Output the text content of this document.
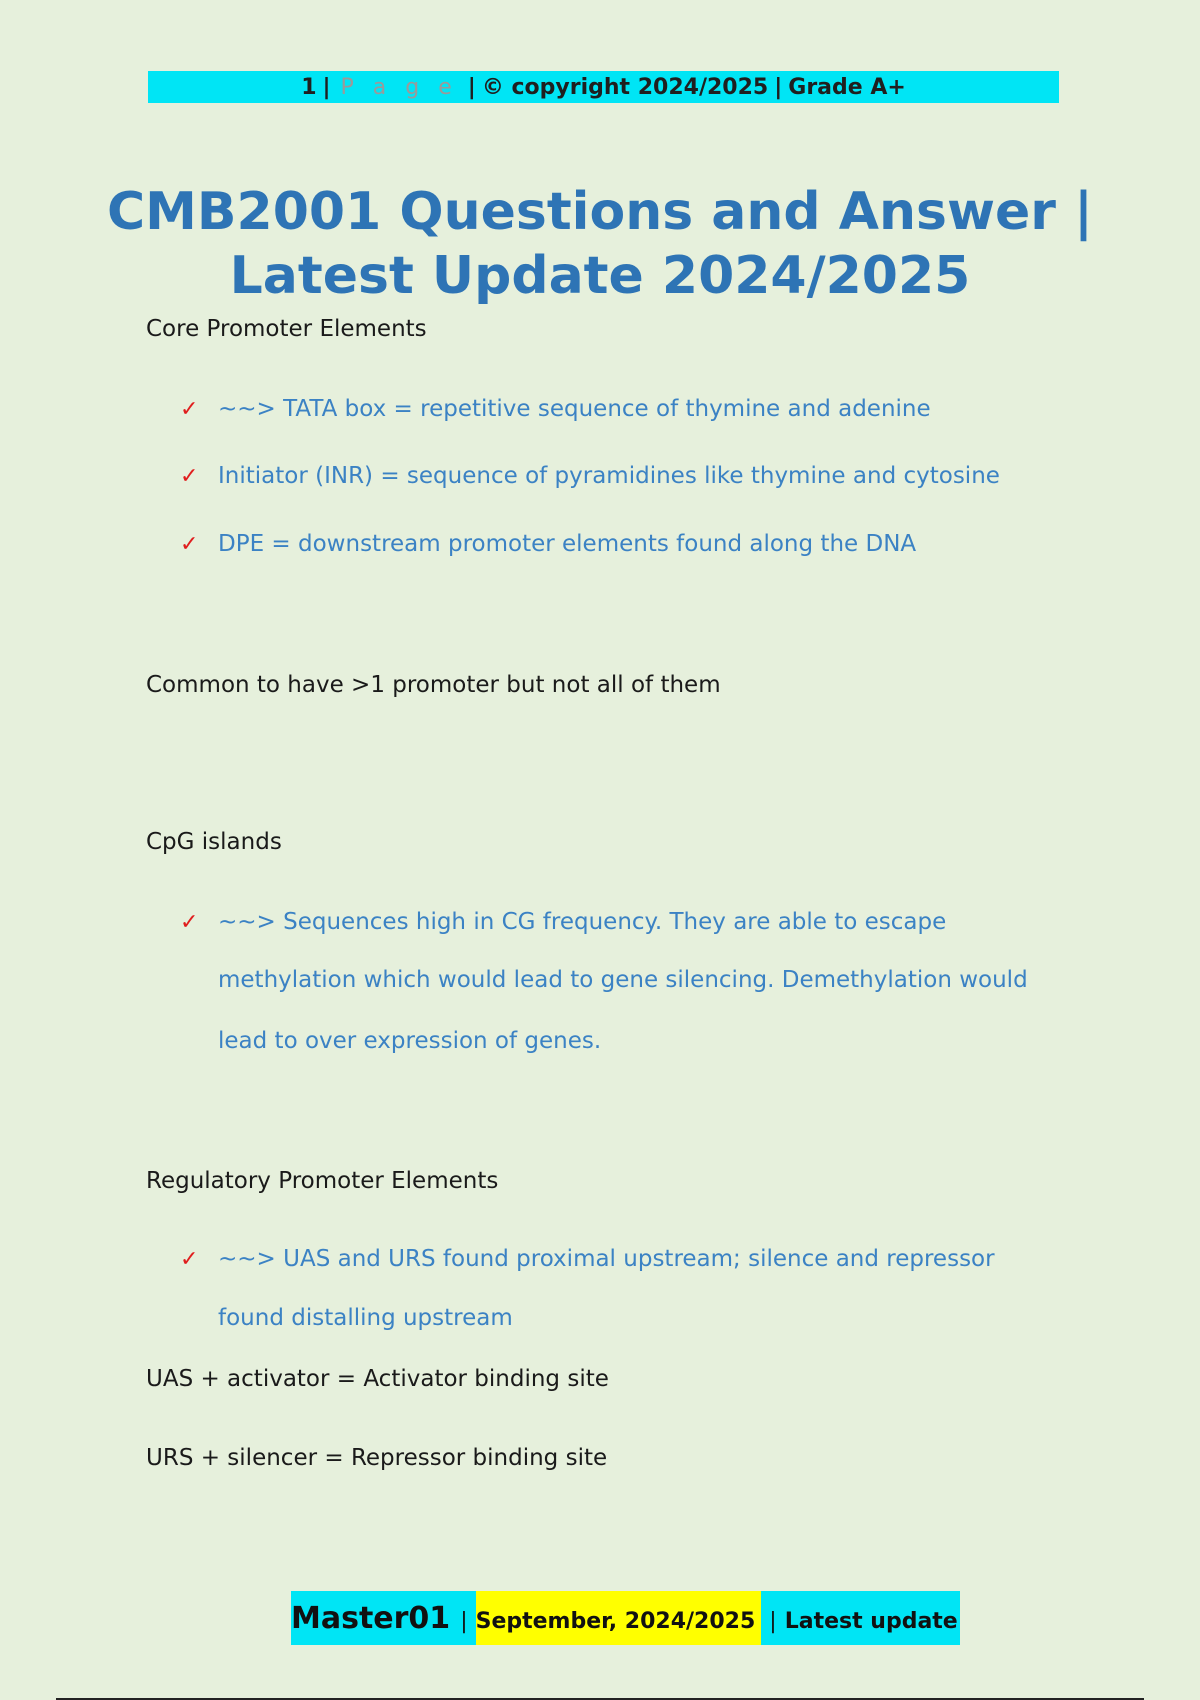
1 | P a g e | © copyright 2024/2025 | Grade A+
CMB2001 Questions and Answer |
Latest Update 2024/2025
Core Promoter Elements
✓ ~~> TATA box = repetitive sequence of thymine and adenine
✓ Initiator (INR) = sequence of pyramidines like thymine and cytosine
✓ DPE = downstream promoter elements found along the DNA
Common to have >1 promoter but not all of them
CpG islands
✓ ~~> Sequences high in CG frequency. They are able to escape
methylation which would lead to gene silencing. Demethylation would
lead to over expression of genes.
Regulatory Promoter Elements
✓ ~~> UAS and URS found proximal upstream; silence and repressor
found distalling upstream
UAS + activator = Activator binding site
URS + silencer = Repressor binding site
Master01 | September, 2024/2025 | Latest update
